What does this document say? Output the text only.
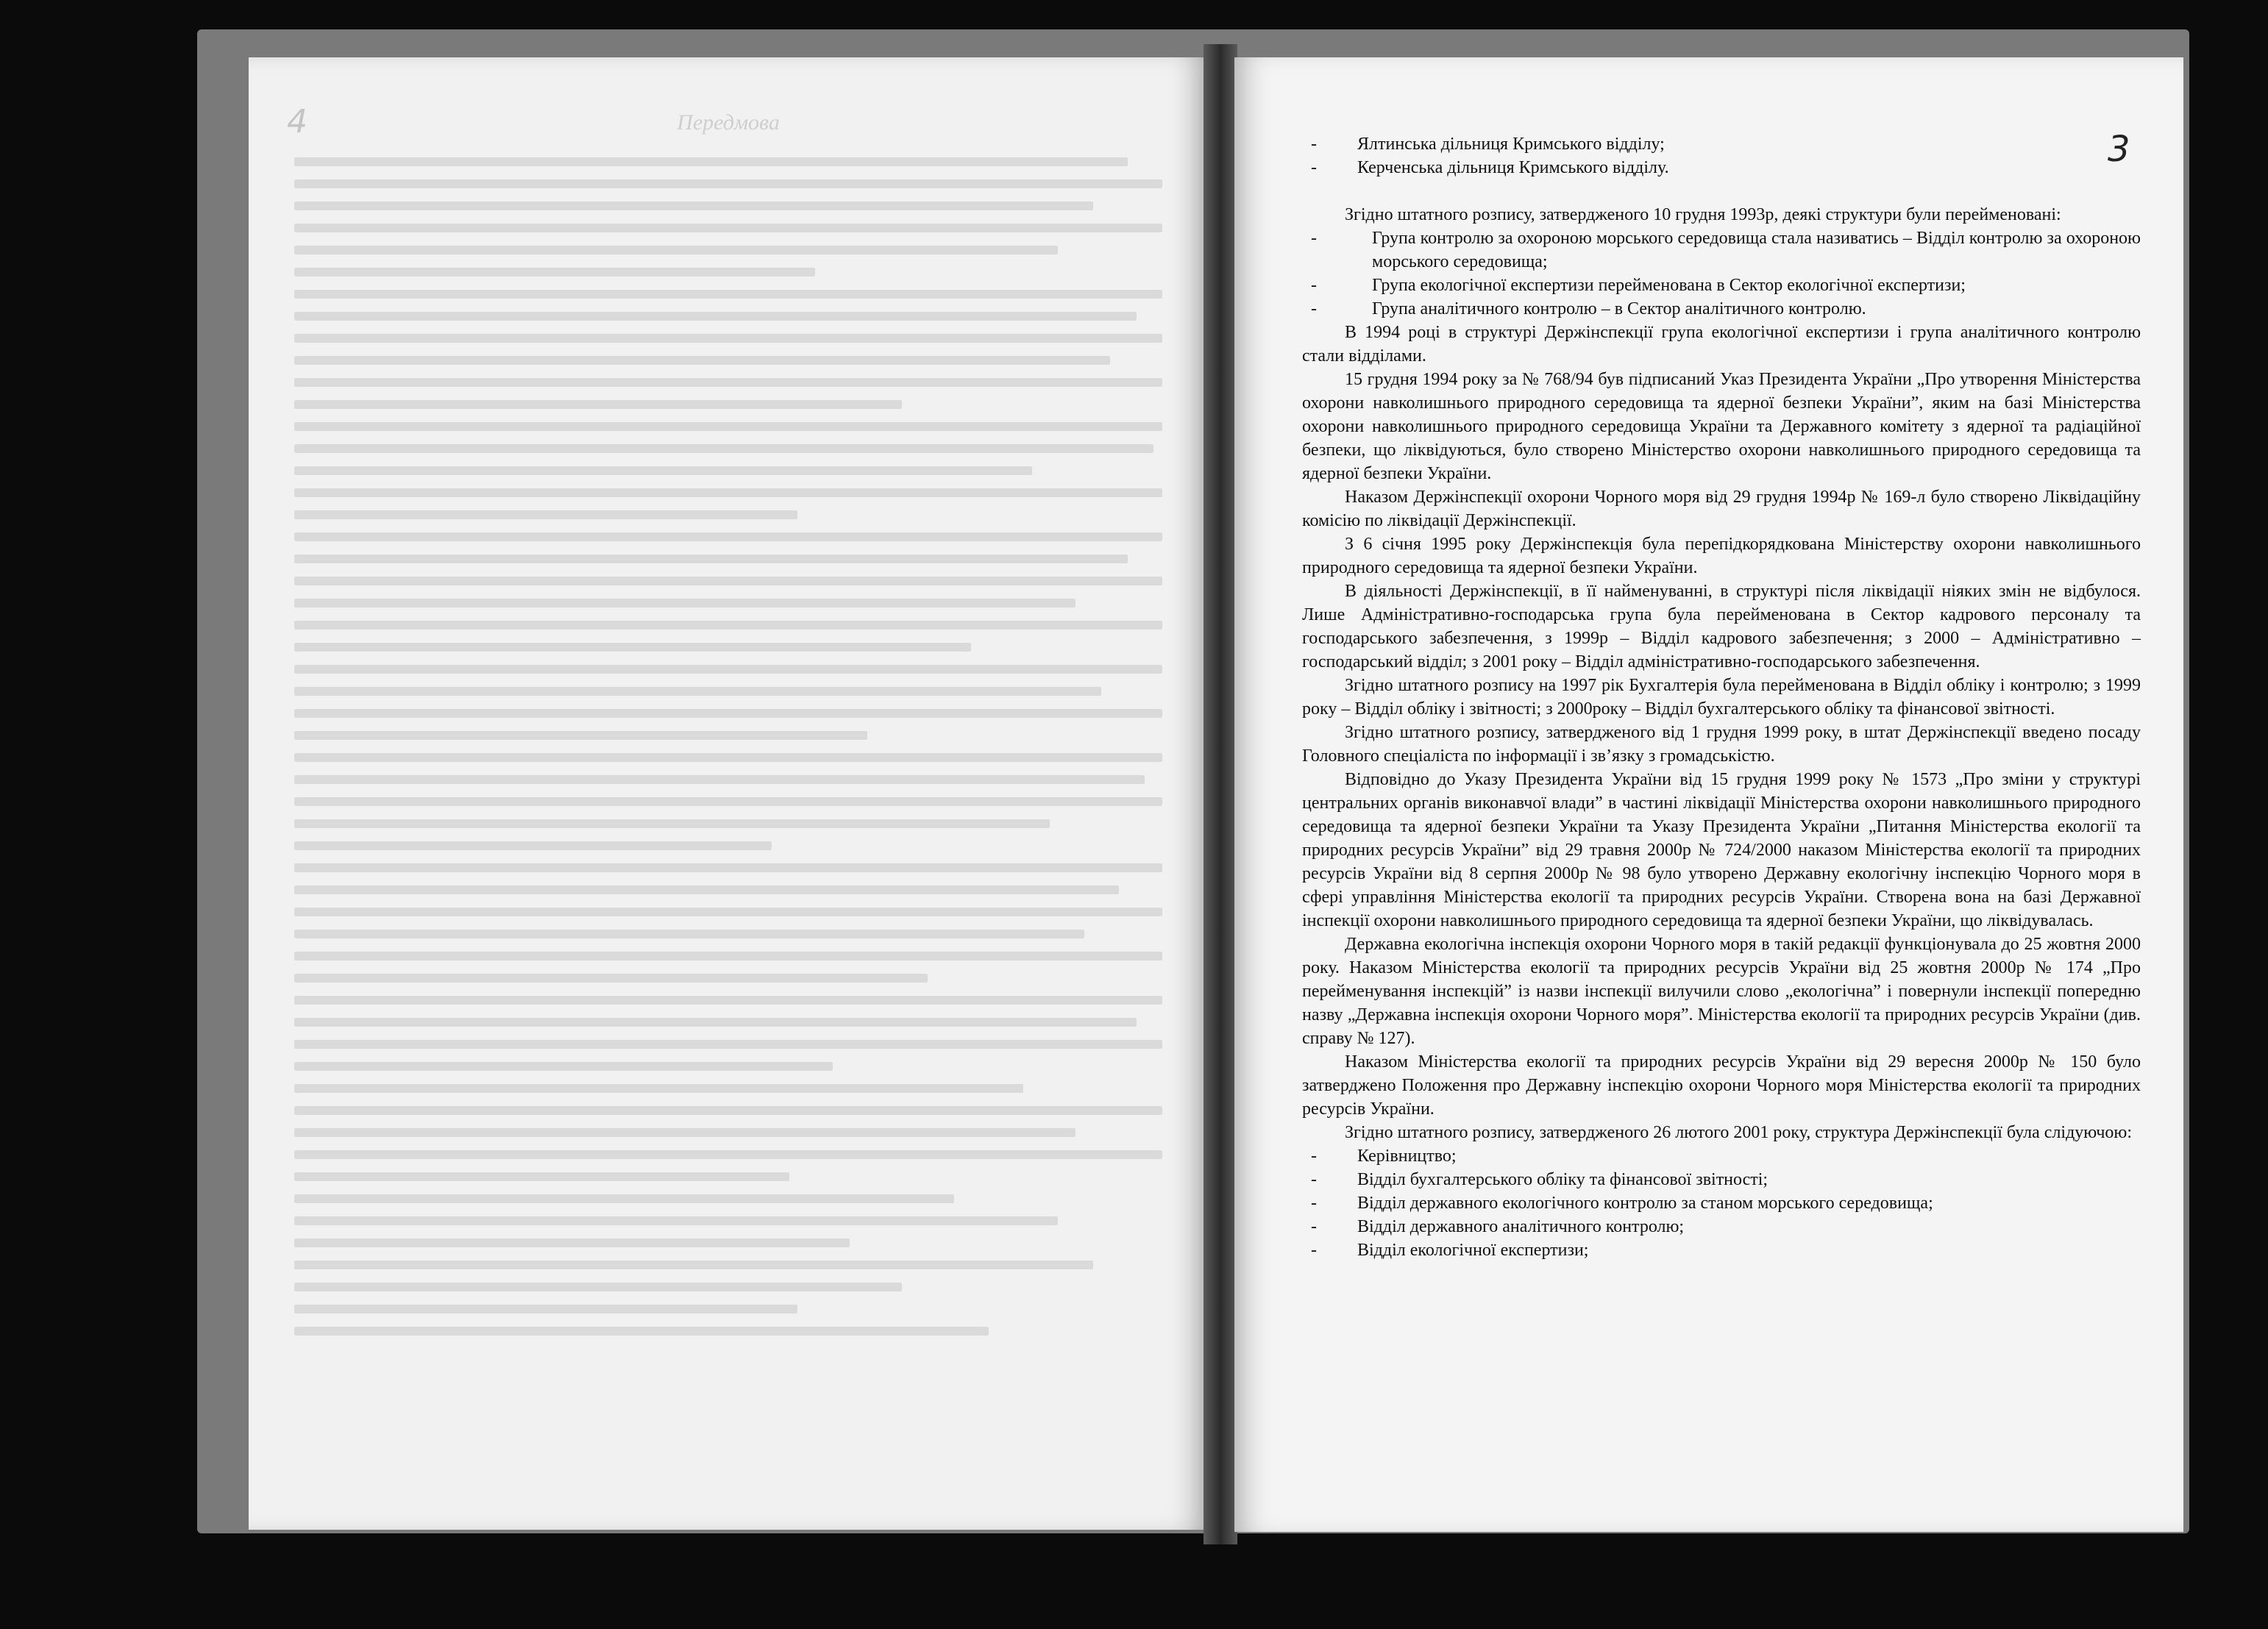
4	Передмова
3
- Ялтинська дільниця Кримського відділу;
- Керченська дільниця Кримського відділу.

Згідно штатного розпису, затвердженого 10 грудня 1993р, деякі структури були перейменовані:

-	Група контролю за охороною морського середовища стала називатись – Відділ контролю за охороною морського середовища;
-	Група екологічної експертизи перейменована в Сектор екологічної експертизи;
-	Група аналітичного контролю – в Сектор аналітичного контролю.

В 1994 році в структурі Держінспекції група екологічної експертизи і група аналітичного контролю стали відділами.

15 грудня 1994 року за № 768/94 був підписаний Указ Президента України „Про утворення Міністерства охорони навколишнього природного середовища та ядерної безпеки України”, яким на базі Міністерства охорони навколишнього природного середовища України та Державного комітету з ядерної та радіаційної безпеки, що ліквідуються, було створено Міністерство охорони навколишнього природного середовища та ядерної безпеки України.

Наказом Держінспекції охорони Чорного моря від 29 грудня 1994р № 169-л було створено Ліквідаційну комісію по ліквідації Держінспекції.

З 6 січня 1995 року Держінспекція була перепідкорядкована Міністерству охорони навколишнього природного середовища та ядерної безпеки України.

В діяльності Держінспекції, в її найменуванні, в структурі після ліквідації ніяких змін не відбулося. Лише Адміністративно-господарська група була перейменована в Сектор кадрового персоналу та господарського забезпечення, з 1999р – Відділ кадрового забезпечення; з 2000 – Адміністративно – господарський відділ; з 2001 року – Відділ адміністративно-господарського забезпечення.

Згідно штатного розпису на 1997 рік Бухгалтерія була перейменована в Відділ обліку і контролю; з 1999 року – Відділ обліку і звітності; з 2000року – Відділ бухгалтерського обліку та фінансової звітності.

Згідно штатного розпису, затвердженого від 1 грудня 1999 року, в штат Держінспекції введено посаду Головного спеціаліста по інформації і зв’язку з громадськістю.

Відповідно до Указу Президента України від 15 грудня 1999 року № 1573 „Про зміни у структурі центральних органів виконавчої влади” в частині ліквідації Міністерства охорони навколишнього природного середовища та ядерної безпеки України та Указу Президента України „Питання Міністерства екології та природних ресурсів України” від 29 травня 2000р № 724/2000 наказом Міністерства екології та природних ресурсів України від 8 серпня 2000р № 98 було утворено Державну екологічну інспекцію Чорного моря в сфері управління Міністерства екології та природних ресурсів України. Створена вона на базі Державної інспекції охорони навколишнього природного середовища та ядерної безпеки України, що ліквідувалась.

Державна екологічна інспекція охорони Чорного моря в такій редакції функціонувала до 25 жовтня 2000 року. Наказом Міністерства екології та природних ресурсів України від 25 жовтня 2000р № 174 „Про перейменування інспекцій” із назви інспекції вилучили слово „екологічна” і повернули інспекції попередню назву „Державна інспекція охорони Чорного моря”. Міністерства екології та природних ресурсів України (див. справу № 127).

Наказом Міністерства екології та природних ресурсів України від 29 вересня 2000р № 150 було затверджено Положення про Державну інспекцію охорони Чорного моря Міністерства екології та природних ресурсів України.

Згідно штатного розпису, затвердженого 26 лютого 2001 року, структура Держінспекції була слідуючою:

- Керівництво;
- Відділ бухгалтерського обліку та фінансової звітності;
- Відділ державного екологічного контролю за станом морського середовища;
- Відділ державного аналітичного контролю;
- Відділ екологічної експертизи;
